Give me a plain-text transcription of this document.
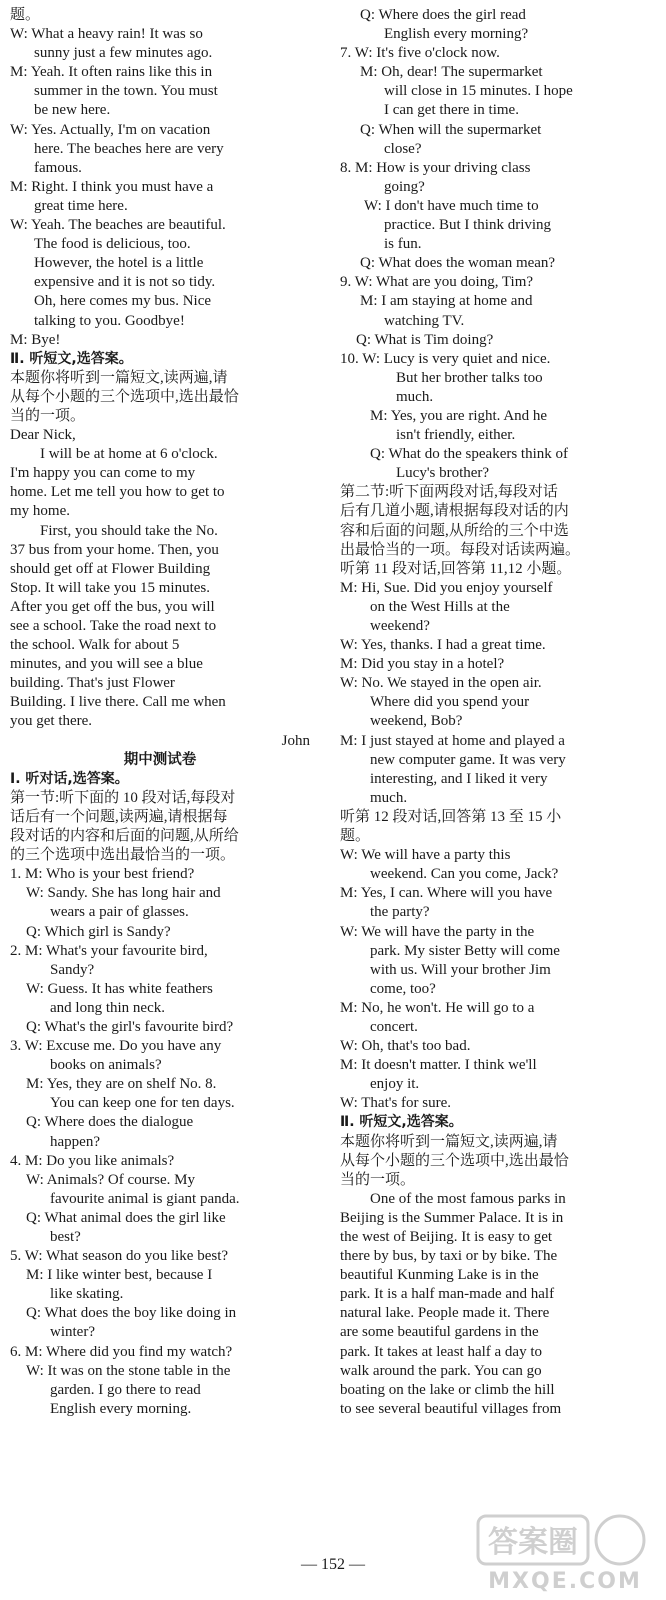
题。
W: What a heavy rain! It was so
sunny just a few minutes ago.
M: Yeah. It often rains like this in
summer in the town. You must
be new here.
W: Yes. Actually, I'm on vacation
here. The beaches here are very
famous.
M: Right. I think you must have a
great time here.
W: Yeah. The beaches are beautiful.
The food is delicious, too.
However, the hotel is a little
expensive and it is not so tidy.
Oh, here comes my bus. Nice
talking to you. Goodbye!
M: Bye!
Ⅱ. 听短文,选答案。
本题你将听到一篇短文,读两遍,请
从每个小题的三个选项中,选出最恰
当的一项。
Dear Nick,
I will be at home at 6 o'clock.
I'm happy you can come to my
home. Let me tell you how to get to
my home.
First, you should take the No.
37 bus from your home. Then, you
should get off at Flower Building
Stop. It will take you 15 minutes.
After you get off the bus, you will
see a school. Take the road next to
the school. Walk for about 5
minutes, and you will see a blue
building. That's just Flower
Building. I live there. Call me when
you get there.
John
期中测试卷
Ⅰ. 听对话,选答案。
第一节:听下面的 10 段对话,每段对
话后有一个问题,读两遍,请根据每
段对话的内容和后面的问题,从所给
的三个选项中选出最恰当的一项。
1. M: Who is your best friend?
W: Sandy. She has long hair and
wears a pair of glasses.
Q: Which girl is Sandy?
2. M: What's your favourite bird,
Sandy?
W: Guess. It has white feathers
and long thin neck.
Q: What's the girl's favourite bird?
3. W: Excuse me. Do you have any
books on animals?
M: Yes, they are on shelf No. 8.
You can keep one for ten days.
Q: Where does the dialogue
happen?
4. M: Do you like animals?
W: Animals? Of course. My
favourite animal is giant panda.
Q: What animal does the girl like
best?
5. W: What season do you like best?
M: I like winter best, because I
like skating.
Q: What does the boy like doing in
winter?
6. M: Where did you find my watch?
W: It was on the stone table in the
garden. I go there to read
English every morning.
Q: Where does the girl read
English every morning?
7. W: It's five o'clock now.
M: Oh, dear! The supermarket
will close in 15 minutes. I hope
I can get there in time.
Q: When will the supermarket
close?
8. M: How is your driving class
going?
W: I don't have much time to
practice. But I think driving
is fun.
Q: What does the woman mean?
9. W: What are you doing, Tim?
M: I am staying at home and
watching TV.
Q: What is Tim doing?
10. W: Lucy is very quiet and nice.
But her brother talks too
much.
M: Yes, you are right. And he
isn't friendly, either.
Q: What do the speakers think of
Lucy's brother?
第二节:听下面两段对话,每段对话
后有几道小题,请根据每段对话的内
容和后面的问题,从所给的三个中选
出最恰当的一项。每段对话读两遍。
听第 11 段对话,回答第 11,12 小题。
M: Hi, Sue. Did you enjoy yourself
on the West Hills at the
weekend?
W: Yes, thanks. I had a great time.
M: Did you stay in a hotel?
W: No. We stayed in the open air.
Where did you spend your
weekend, Bob?
M: I just stayed at home and played a
new computer game. It was very
interesting, and I liked it very
much.
听第 12 段对话,回答第 13 至 15 小
题。
W: We will have a party this
weekend. Can you come, Jack?
M: Yes, I can. Where will you have
the party?
W: We will have the party in the
park. My sister Betty will come
with us. Will your brother Jim
come, too?
M: No, he won't. He will go to a
concert.
W: Oh, that's too bad.
M: It doesn't matter. I think we'll
enjoy it.
W: That's for sure.
Ⅱ. 听短文,选答案。
本题你将听到一篇短文,读两遍,请
从每个小题的三个选项中,选出最恰
当的一项。
One of the most famous parks in
Beijing is the Summer Palace. It is in
the west of Beijing. It is easy to get
there by bus, by taxi or by bike. The
beautiful Kunming Lake is in the
park. It is a half man-made and half
natural lake. People made it. There
are some beautiful gardens in the
park. It takes at least half a day to
walk around the park. You can go
boating on the lake or climb the hill
to see several beautiful villages from
— 152 —
答案圈
MXQE.COM
